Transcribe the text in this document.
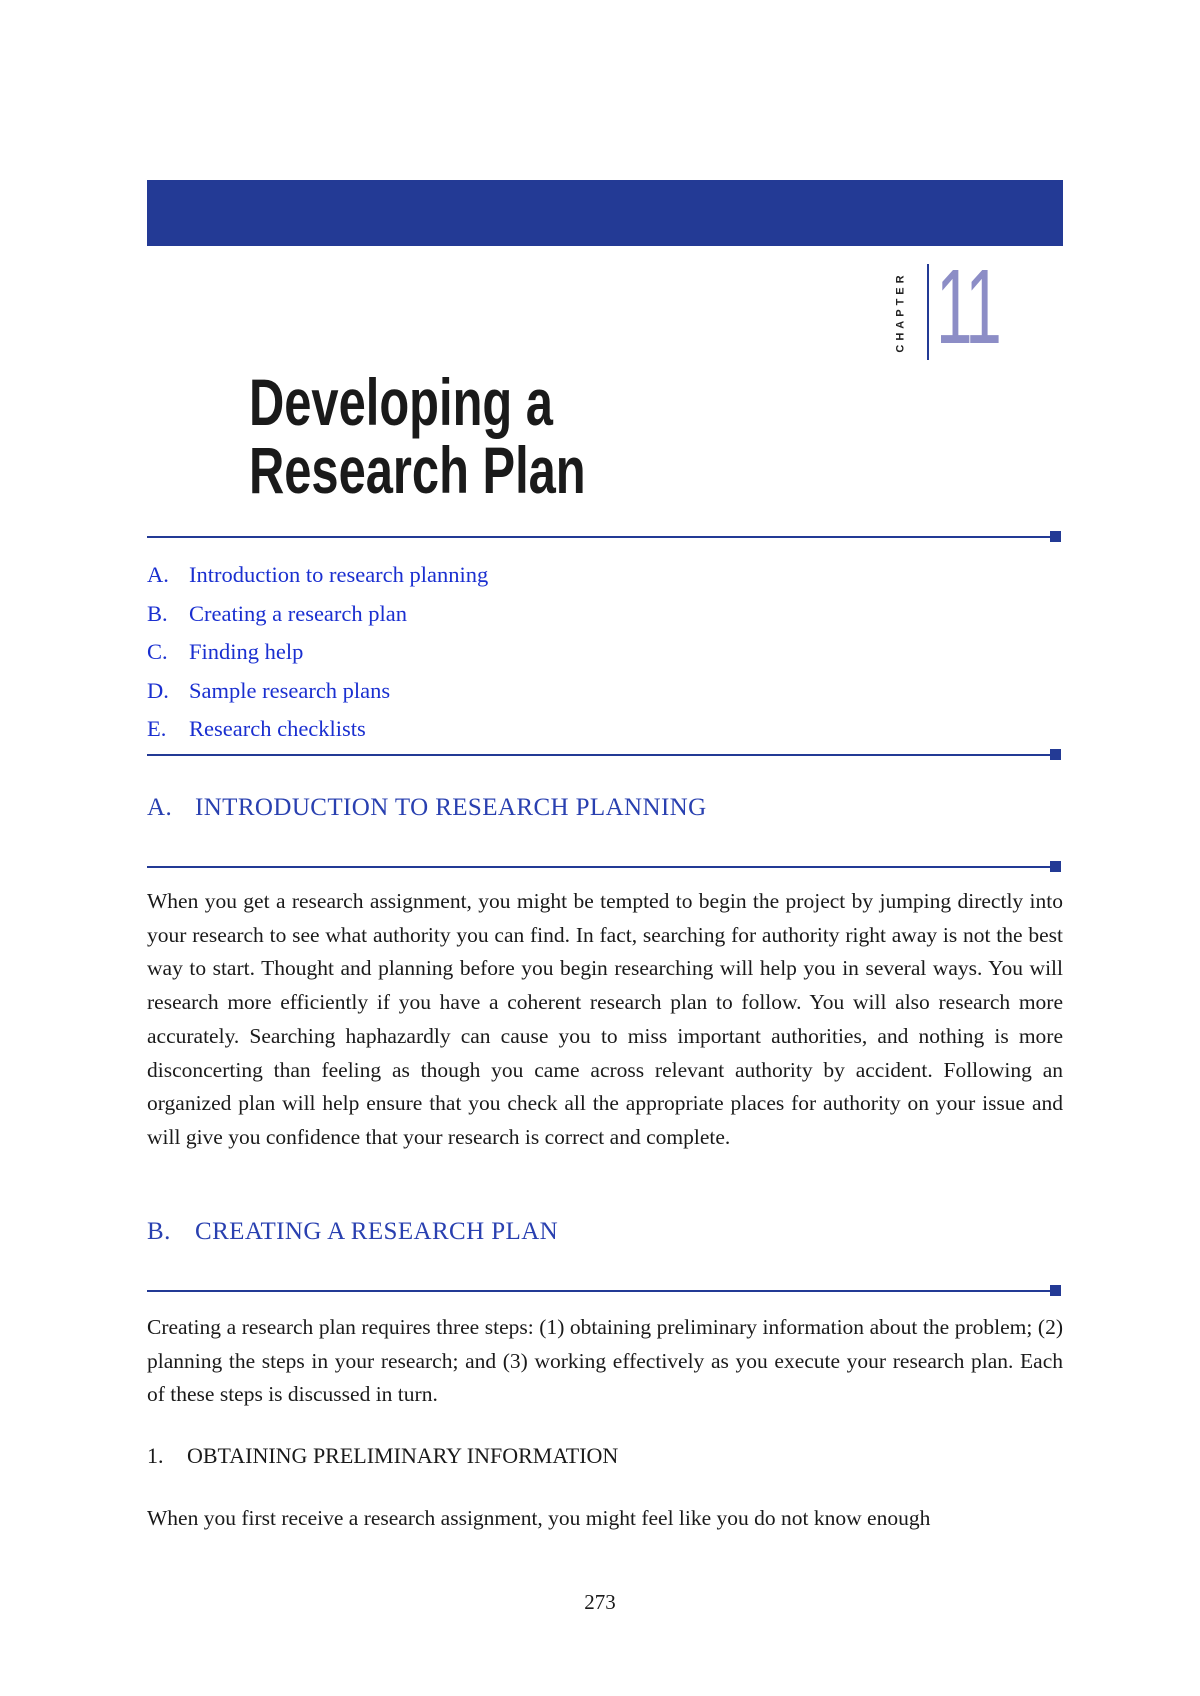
CHAPTER 11
Developing a
Research Plan
A. Introduction to research planning
B. Creating a research plan
C. Finding help
D. Sample research plans
E. Research checklists
A. INTRODUCTION TO RESEARCH PLANNING

When you get a research assignment, you might be tempted to begin the project by jumping directly into your research to see what authority you can find. In fact, searching for authority right away is not the best way to start. Thought and planning before you begin researching will help you in several ways. You will research more efficiently if you have a coherent research plan to follow. You will also research more accurately. Searching haphazardly can cause you to miss important authorities, and nothing is more disconcerting than feeling as though you came across relevant authority by accident. Following an organized plan will help ensure that you check all the appropriate places for authority on your issue and will give you confidence that your research is correct and complete.

B. CREATING A RESEARCH PLAN

Creating a research plan requires three steps: (1) obtaining preliminary information about the problem; (2) planning the steps in your research; and (3) working effectively as you execute your research plan. Each of these steps is discussed in turn.

1. OBTAINING PRELIMINARY INFORMATION

When you first receive a research assignment, you might feel like you do not know enough

273
